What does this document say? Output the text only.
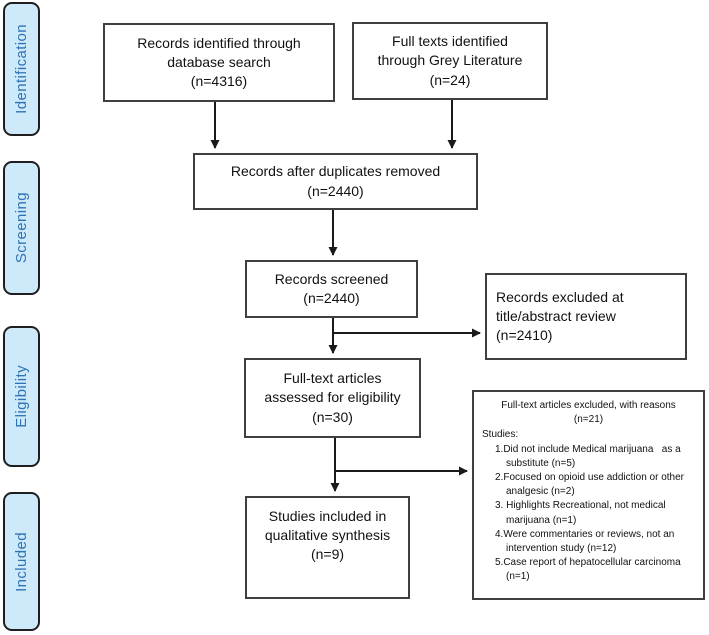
Identification
Screening
Eligibility
Included
Records identified through
database search
(n=4316)
Full texts identified
through Grey Literature
(n=24)
Records after duplicates removed
(n=2440)
Records screened
(n=2440)	Records excluded at
title/abstract review
(n=2410)
Full-text articles
assessed for eligibility
(n=30)
Full-text articles excluded, with reasons
(n=21)
Studies:
1.Did not include Medical marijuana   as a substitute (n=5)
2.Focused on opioid use addiction or other analgesic (n=2)
3. Highlights Recreational, not medical marijuana (n=1)
4.Were commentaries or reviews, not an intervention study (n=12)
5.Case report of hepatocellular carcinoma (n=1)
Studies included in
qualitative synthesis
(n=9)
